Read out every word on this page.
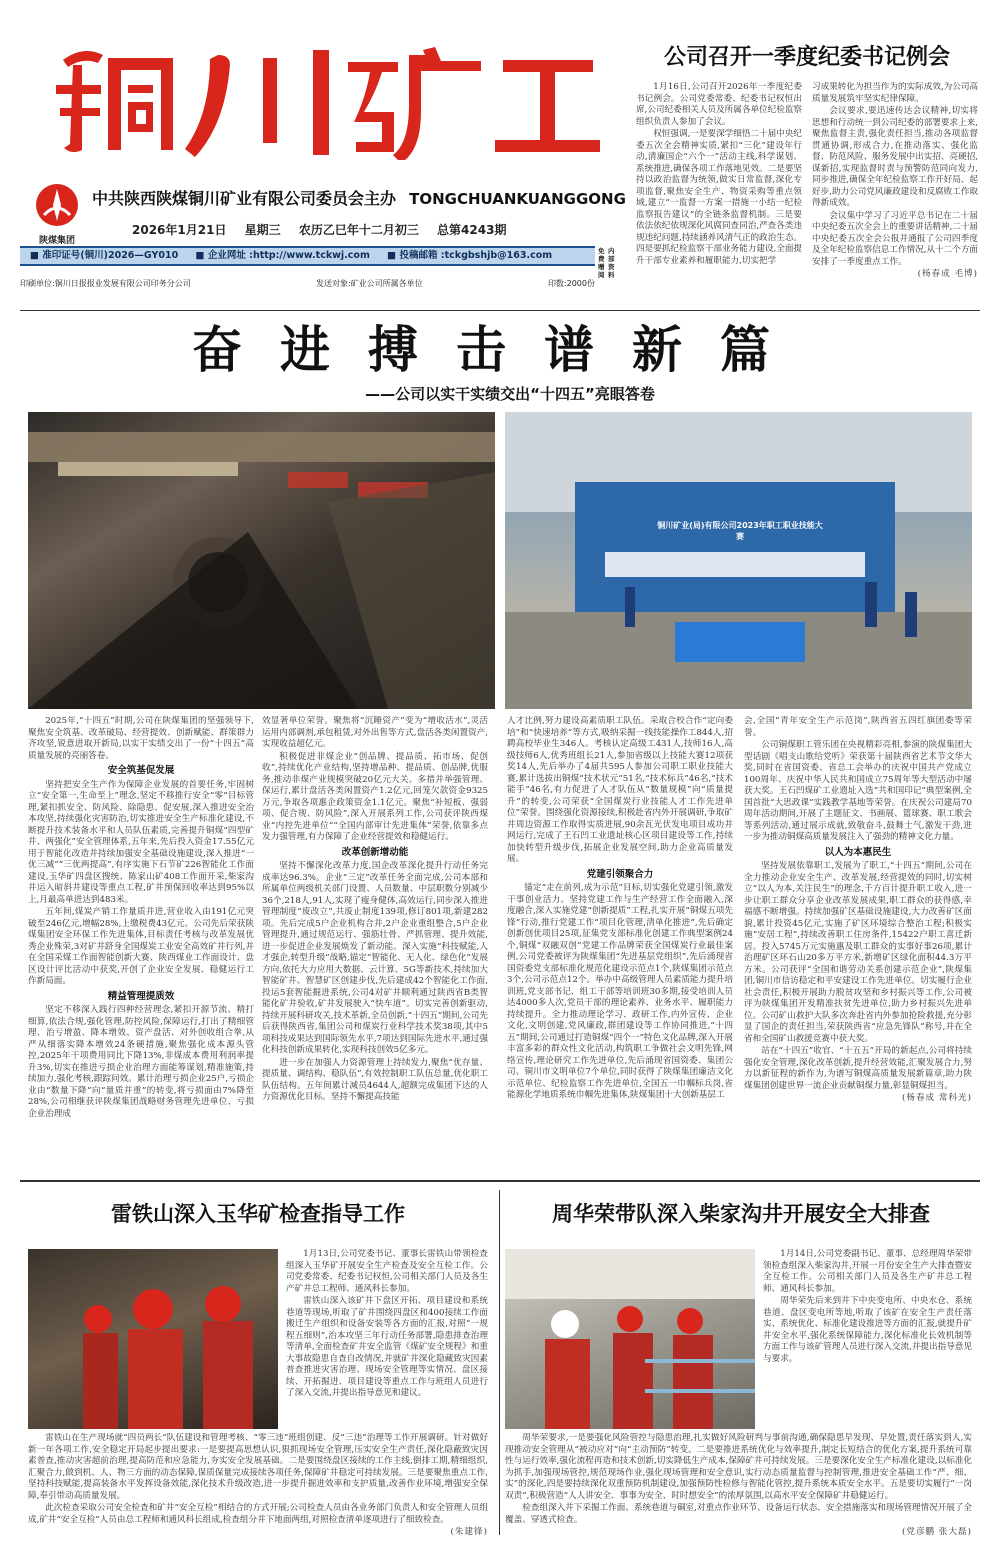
陕煤集团
中共陕西陕煤铜川矿业有限公司委员会主办 TONGCHUANKUANGGONG
2026年1月21日 星期三 农历乙巳年十二月初三 总第4243期
■ 准印证号(铜川)2026—GY010 ■ 企业网址 :http://www.tckwj.com ■ 投稿邮箱 :tckgbshjb@163.com	免费赠阅
内部资料
印刷单位:铜川日报报业发展有限公司印务分公司	发送对象:矿业公司所属各单位	印数:2000份
公司召开一季度纪委书记例会

1月16日,公司召开2026年一季度纪委书记例会。公司党委常委、纪委书记权恒出席,公司纪委相关人员及所属各单位纪检监察组织负责人参加了会议。

权恒强调,一是要深学细悟二十届中央纪委五次全会精神实质,紧扣“三化”建设年行动,清廉国企“六个一”活动主线,科学谋划、系统推进,确保各项工作落地见效。二是要坚持以政治监督为统领,做实日常监督,深化专项监督,聚焦安全生产、物资采购等重点领域,建立“一监督一方案一措施一小结一纪检监察报告建议”的全链条监督机制。三是要依法依纪依规深化风腐同查同治,严查各类违规违纪问题,持续涵养风清气正的政治生态。四是要抓纪检监察干部业务能力建设,全面提升干部专业素养和履职能力,切实把学

习成果转化为担当作为的实际成效,为公司高质量发展筑牢坚实纪律保障。

会议要求,要迅速传达会议精神,切实将思想和行动统一到公司纪委的部署要求上来,聚焦监督主责,强化责任担当,推动各项监督贯通协调,形成合力,在推动落实、强化监督、防范风险、服务发展中出实招、亮硬招,谋新招,实现监督时责与预警防范同向发力,同步推进,确保全年纪检监察工作开好局、起好步,助力公司党风廉政建设和反腐败工作取得新成效。

会议集中学习了习近平总书记在二十届中央纪委五次全会上的重要讲话精神,二十届中央纪委五次全会公报并通报了公司四季度及全年纪检监察信息工作情况,从十二个方面安排了一季度重点工作。

(杨春成 毛博)
奋进搏击谱新篇
——公司以实干实绩交出“十四五”亮眼答卷
铜川矿业(局)有限公司2023年职工职业技能大赛

2025年,“十四五”时期,公司在陕煤集团的坚强领导下,聚焦安全筑基、改革破局、经营提效、创新赋能、群策群力齐攻坚,锐意进取开新局,以实干实绩交出了一份“十四五”高质量发展的亮丽答卷。

安全筑基促发展

坚持把安全生产作为保障企业发展的首要任务,牢固树立“安全第一,生命至上”理念,坚定不移推行安全“零”目标管理,紧扣抓安全、防风险、除隐患、促安展,深入推进安全治本攻坚,持续强化灾害防治,切实推进安全生产标准化建设,不断提升技术装备水平和人员队伍素质,完善提升铜煤“四型矿井、两强化”安全管理体系,五年来,先后投入资金17.55亿元用于智能化改造并持续加强安全基础设施建设,深入推进“一优三减”“三优两提高”,有序实施下石节矿226智能化工作面建设,玉华矿四盘区搜统、陈家山矿408工作面开采,柴家沟井运入暗斜井建设等重点工程,矿井预保回收率达到95%以上,月最高单进达到483米。

五年间,煤炭产销工作量质并进,营业收入由191亿元突破至246亿元,增幅28%,上缴税费43亿元。公司先后荣获陕煤集团安全环保工作先进集体,目标责任考核与改革发展优秀企业殊荣,3对矿井跻身全国煤炭工业安全高效矿井行列,并在全国采煤工作面智能创新大赛、陕西煤业工作面设计、盘区设计评比活动中获奖,开创了企业安全发展、稳健运行工作新局面。

精益管理提质效

坚定不移深入践行四种经营理念,紧扣开源节流、精打细算,依法合规,强化管理,防控风险,保障运行,打出了精细管理、治亏增盈、降本增效、资产盘活、对外创收组合拳,从严从细落实降本增效24条硬措施,聚焦强化成本源头管控,2025年干项费用同比下降13%,非煤成本费用利润率提升3%,切实在推进亏损企业治理方面能筹谋划,精准施策,持续加力,强化考核,跟踪问效。累计治理亏损企业25户,亏损企业由“数量下降”向“量质并重”的转变,将亏损面由7%降至28%,公司相继获评陕煤集团战略财务管理先进单位、亏损企业治理成

效显著单位荣誉。聚焦将“沉睡资产”变为“增收活水”,灵活运用内部调剂,承包租赁,对外出售等方式,盘活各类闲置资产,实现收益超亿元。

积极促进非煤企业“创品牌、提品质、拓市场、促创收”,持续优化产业结构,坚持增品种、提品质、创品牌,优服务,推动非煤产业规模突破20亿元大关。多措并举强管理、保运行,累计盘活各类闲置资产1.2亿元,回笼欠款资金9325万元,争取各项惠企政策资金1.1亿元。聚焦“补短板、强弱项、促合规、防风险”,深入开展系列工作,公司获评陕西煤业“内控先进单位”“全国内部审计先进集体”荣誉,依靠多点发力强管理,有力保障了企业经营提效和稳健运行。

改革创新增动能

坚持不懈深化改革力度,国企改革深化提升行动任务完成率达96.3%。企业“三定”改革任务全面完成,公司本部和所属单位两级机关部门设置、人员数量、中层职数分别减少36个,218人,91人,实现了瘦身健体,高效运行,同步深入推进管理制度“废改立”,共废止制度139项,修订801项,新建282项。先后完成5户企业机构合并,2户企业重组整合,5户企业管理提升,通过规范运行、强筋壮骨、严抓管理、提升效能,进一步促进企业发展焕发了新动能。深入实施“科技赋能,人才强企,转型升级”战略,锚定“智能化、无人化、绿色化”发展方向,依托大力应用大数据、云计算、5G等新技术,持续加大智能矿井、智慧矿区创建步伐,先后建成42个智能化工作面,投运5套智能掘进系统,公司4对矿井顺利通过陕西省B类智能化矿井验收,矿井发展驶入“快车道”。切实完善创新驱动,持续开展科研攻关,技术革新,全员创新,“十四五”期间,公司先后获得陕西省,集团公司和煤炭行业科学技术奖38项,其中5项科技成果达到国际领先水平,7项达到国际先进水平,通过强化科技创新成果转化,实现科技创效5亿多元。

进一步在加强人力资源管理上持续发力,聚焦“优存量、提质量、调结构、稳队伍”,有效控制职工队伍总量,优化职工队伍结构。五年间累计减员4644人,超额完成集团下达的人力资源优化目标。坚持不懈提高技能

人才比例,努力建设高素质职工队伍。采取合校合作“定向委培”和“快速培养”等方式,吸纳采掘一线技能操作工844人,招聘高校毕业生346人。考核认定高级工431人,技师16人,高级技师6人,优秀班组长21人,参加省级以上技能大赛12项获奖14人,先后举办了4届共595人参加公司职工职业技能大赛,累计选拔出铜煤“技术状元”51名,“技术标兵”46名,“技术能手”46名,有力促进了人才队伍从“数量规模”向“质量提升”的转变,公司荣获“全国煤炭行业技能人才工作先进单位”荣誉。围绕强化资源接续,积极赴省内外开展调研,争取矿井周边资源工作取得实质进展,90余瓦光伏发电项目成功并网运行,完成了王石凹工业遗址核心区项目建设等工作,持续加快转型升级步伐,拓展企业发展空间,助力企业高质量发展。

党建引领聚合力

锚定“走在前列,成为示范”目标,切实强化党建引领,激发干事创业活力。坚持党建工作与生产经营工作全面融入,深度融合,深入实施党建“创新提质”工程,扎实开展“铜煤五项先锋”行动,推行党建工作“项目化管理,清单化推进”,先后确定创新创优项目25项,征集党支部标准化创建工作典型案例24个,铜煤“双融双创”党建工作品牌荣获全国煤炭行业最佳案例,公司党委被评为陕煤集团“先进基层党组织”,先后涌现省国资委党支部标准化规范化建设示范点1个,陕煤集团示范点3个,公司示范点12个。举办中高级管理人员素质能力提升培训班,党支部书记、组工干部等培训班30多期,接受培训人员达4000多人次,党员干部的理论素养、业务水平、履职能力持续提升。全力推动理论学习、政研工作,内外宣传、企业文化,文明创建,党风廉政,群团建设等工作协同推进,“十四五”期间,公司通过打造铜煤“四个一”特色文化品牌,深入开展丰富多彩的群众性文化活动,构筑职工争做社会文明先锋,网络宣传,理论研究工作先进单位,先后涌现省国资委、集团公司、铜川市文明单位7个单位,同时获得了陕煤集团廉洁文化示范单位、纪检监察工作先进单位,全国五一巾帼标兵岗,省能源化学地质系统巾帼先进集体,陕煤集团十大创新基层工

会,全国“青年安全生产示范岗”,陕西省五四红旗团委等荣誉。

公司铜煤职工管乐团在央视精彩亮相,参演的陕煤集团大型话剧《唱支山歌给党听》荣获第十届陕西省艺术节文华大奖,同时在省国资委、省总工会举办的庆祝中国共产党成立100周年、庆祝中华人民共和国成立75周年等大型活动中屡获大奖。王石凹煤矿工业遗址入选“共和国印记”典型案例,全国首批“大思政课”实践教学基地等荣誉。在庆祝公司建局70周年活动期间,开展了主题征文、书画展、篮球赛、职工歌会等系列活动,通过展示成就,致敬奋斗,鼓舞士气,激发干劲,进一步为推动铜煤高质量发展注入了强劲的精神文化力量。

以人为本惠民生

坚持发展依靠职工,发展为了职工,“十四五”期间,公司在全力推动企业安全生产、改革发展,经营提效的同时,切实树立“以人为本,关注民生”的理念,千方百计提升职工收入,进一步让职工群众分享企业改革发展成果,职工群众的获得感,幸福感不断增强。持续加强矿区基础设施建设,大力改善矿区面貌,累计投资45亿元,实施了矿区环境综合整治工程;积极实施“安居工程”,持续改善职工住房条件,15422户职工喜迁新居。投入5745万元实施惠及职工群众的实事好事26项,累计治理矿区环石山20多万平方米,新增矿区绿化面积44.3万平方米。公司获评“全国和谐劳动关系创建示范企业”,陕煤集团,铜川市信访稳定和平安建设工作先进单位。切实履行企业社会责任,积极开展助力脱贫攻坚和乡村振兴等工作,公司被评为陕煤集团开发精准扶贫先进单位,助力乡村振兴先进单位。公司矿山救护大队多次奔赴省内外参加抢险救援,充分彰显了国企的责任担当,荣获陕西省“应急先锋队”称号,并在全省和全国矿山救援竞赛中获大奖。

站在“十四五”收官、“十五五”开局的新起点,公司将持续强化安全管理,深化改革创新,提升经营效能,汇聚发展合力,努力以新征程的新作为,为谱写铜煤高质量发展新篇章,助力陕煤集团创建世界一流企业贡献铜煤力量,彰显铜煤担当。

(杨春成 常科光)
雷铁山深入玉华矿检查指导工作

1月13日,公司党委书记、董事长雷铁山带领检查组深入玉华矿开展安全生产检查及安全互检工作。公司党委常委、纪委书记权恒,公司相关部门人员及各生产矿井总工程师、通风科长参加。

雷铁山深入该矿井下盘区开拓、项目建设和系统巷道等现场,听取了矿井围绕四盘区和400接续工作面搬迁生产组织和设备安装等各方面的汇报,对照“一规程五细则”,治本攻坚三年行动任务部署,隐患排查治理等清单,全面检查矿井安全监管《煤矿安全规程》和重大事故隐患自查自改情况,并就矿井深化隐藏致灾因素普查推进灾害治理、现场安全管理等实情况、盘区接续、开拓掘进、项目建设等重点工作与班组人员进行了深入交流,并提出指导意见和建议。

雷铁山在生产现场就“四员两长”队伍建设和管理考核、“零三违”班组创建、反“三违”治理等工作开展调研。针对做好新一年各项工作,安全稳定开局起步提出要求:一是要提高思想认识,狠抓现场安全管理,压实安全生产责任,深化隐蔽致灾因素普查,推动灾害超前治理,提高防范和应急能力,夯实安全发展基础。二是要围绕盘区接续的工作主线,倒排工期,精细组织,汇聚合力,做到机、人、物三方面的动态保障,保质保量完成接续各项任务,保障矿井稳定可持续发展。三是要聚焦重点工作,坚持科技赋能,提高装备水平发挥设备效能,深化技术升级改造,进一步提升掘进效率和支护质量,改善作业环境,增强安全保障,奉引带动高质量发展。

此次检查采取公司安全检查和矿井“安全互检”相结合的方式开展;公司检查人员由各业务部门负责人和安全管理人员组成,矿井“安全互检”人员由总工程师和通风科长组成,检查组分井下地面两组,对照检查清单逐项进行了细致检查。

(朱建锋)
周华荣带队深入柴家沟井开展安全大排查

1月14日,公司党委副书记、董事、总经理周华荣带领检查组深入柴家沟井,开展一月份安全生产大排查暨安全互检工作。公司相关部门人员及各生产矿井总工程师、通风科长参加。

周华荣先后来到井下中央变电所、中央水仓、系统巷道、盘区变电所等地,听取了该矿在安全生产责任落实、系统优化、标准化建设推进等方面的汇报,就提升矿井安全水平,强化系统保障能力,深化标准化长效机制等方面工作与该矿管理人员进行深入交流,并提出指导意见与要求。

周华荣要求,一是要强化风险管控与隐患治理,扎实做好风险研判与事前沟通,确保隐患早发现、早处置,责任落实到人,实现推动安全管理从“被动应对”向“主动预防”转变。二是要推进系统优化与效率提升,制定长短结合的优化方案,提升系统可靠性与运行效率,强化流程再造和技术创新,切实降低生产成本,保障矿井可持续发展。三是要深化安全生产标准化建设,以标准化为抓手,加强现场管控,规范现场作业,强化现场管理和安全意识,实行动态质量监督与控制管理,推进安全基础工作“严、细、实”的深化,四是要持续深化双重预防机制建设,加强预防性检修与智能化管控,提升系统本质安全水平。五是要切实履行“一岗双责”,积极营造“人人讲安全、事事为安全、时时想安全”的浓厚氛围,以高水平安全保障矿井稳健运行。

检查组深入井下采掘工作面、系统巷道与硐室,对重点作业环节、设备运行状态、安全措施落实和现场管理情况开展了全覆盖、穿透式检查。

(党彦鹏 张大磊)
